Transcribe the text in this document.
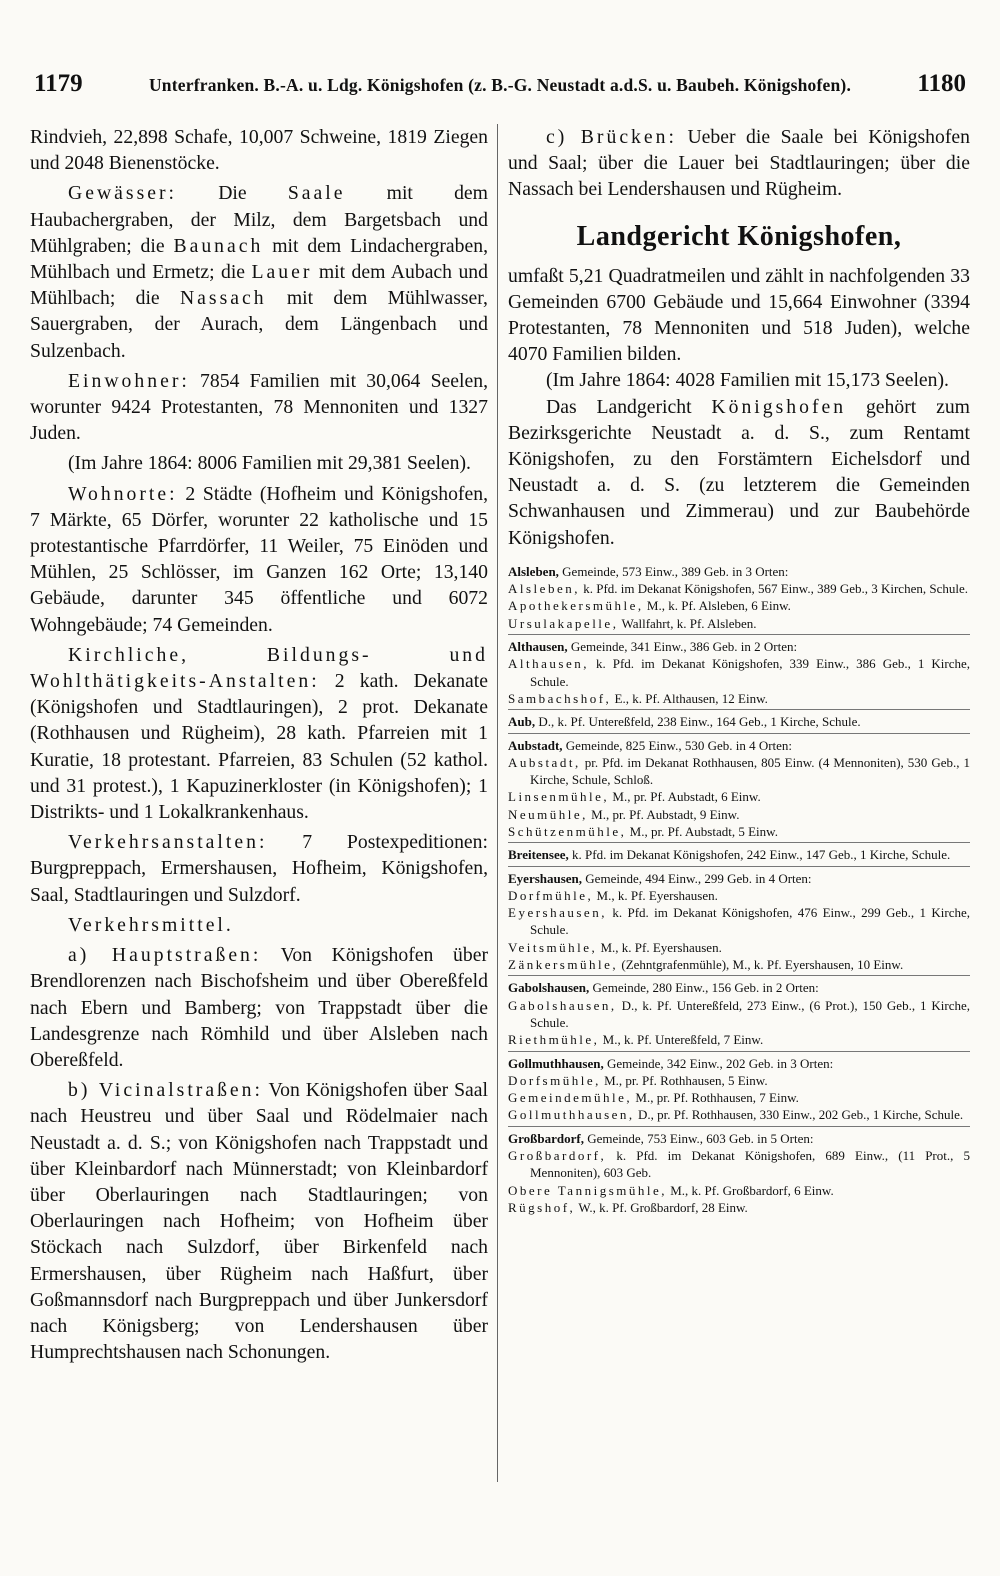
1179	Unterfranken. B.-A. u. Ldg. Königshofen (z. B.-G. Neustadt a.d.S. u. Baubeh. Königshofen).	1180

Rindvieh, 22,898 Schafe, 10,007 Schweine, 1819 Ziegen und 2048 Bienenstöcke.

Gewässer: Die Saale mit dem Haubachergraben, der Milz, dem Bargetsbach und Mühlgraben; die Baunach mit dem Lindachergraben, Mühlbach und Ermetz; die Lauer mit dem Aubach und Mühlbach; die Nassach mit dem Mühlwasser, Sauergraben, der Aurach, dem Längenbach und Sulzenbach.

Einwohner: 7854 Familien mit 30,064 Seelen, worunter 9424 Protestanten, 78 Mennoniten und 1327 Juden.

(Im Jahre 1864: 8006 Familien mit 29,381 Seelen).

Wohnorte: 2 Städte (Hofheim und Königshofen, 7 Märkte, 65 Dörfer, worunter 22 katholische und 15 protestantische Pfarrdörfer, 11 Weiler, 75 Einöden und Mühlen, 25 Schlösser, im Ganzen 162 Orte; 13,140 Gebäude, darunter 345 öffentliche und 6072 Wohngebäude; 74 Gemeinden.

Kirchliche, Bildungs- und Wohlthätigkeits-Anstalten: 2 kath. Dekanate (Königshofen und Stadtlauringen), 2 prot. Dekanate (Rothhausen und Rügheim), 28 kath. Pfarreien mit 1 Kuratie, 18 protestant. Pfarreien, 83 Schulen (52 kathol. und 31 protest.), 1 Kapuzinerkloster (in Königshofen); 1 Distrikts- und 1 Lokalkrankenhaus.

Verkehrsanstalten: 7 Postexpeditionen: Burgpreppach, Ermershausen, Hofheim, Königshofen, Saal, Stadtlauringen und Sulzdorf.

Verkehrsmittel.

a) Hauptstraßen: Von Königshofen über Brendlorenzen nach Bischofsheim und über Obereßfeld nach Ebern und Bamberg; von Trappstadt über die Landesgrenze nach Römhild und über Alsleben nach Obereßfeld.

b) Vicinalstraßen: Von Königshofen über Saal nach Heustreu und über Saal und Rödelmaier nach Neustadt a. d. S.; von Königshofen nach Trappstadt und über Kleinbardorf nach Münnerstadt; von Kleinbardorf über Oberlauringen nach Stadtlauringen; von Oberlauringen nach Hofheim; von Hofheim über Stöckach nach Sulzdorf, über Birkenfeld nach Ermershausen, über Rügheim nach Haßfurt, über Goßmannsdorf nach Burgpreppach und über Junkersdorf nach Königsberg; von Lendershausen über Humprechtshausen nach Schonungen.

c) Brücken: Ueber die Saale bei Königshofen und Saal; über die Lauer bei Stadtlauringen; über die Nassach bei Lendershausen und Rügheim.

Landgericht Königshofen,

umfaßt 5,21 Quadratmeilen und zählt in nachfolgenden 33 Gemeinden 6700 Gebäude und 15,664 Einwohner (3394 Protestanten, 78 Mennoniten und 518 Juden), welche 4070 Familien bilden.

(Im Jahre 1864: 4028 Familien mit 15,173 Seelen).

Das Landgericht Königshofen gehört zum Bezirksgerichte Neustadt a. d. S., zum Rentamt Königshofen, zu den Forstämtern Eichelsdorf und Neustadt a. d. S. (zu letzterem die Gemeinden Schwanhausen und Zimmerau) und zur Baubehörde Königshofen.

Alsleben, Gemeinde, 573 Einw., 389 Geb. in 3 Orten:

Alsleben, k. Pfd. im Dekanat Königshofen, 567 Einw., 389 Geb., 3 Kirchen, Schule.

Apothekersmühle, M., k. Pf. Alsleben, 6 Einw.

Ursulakapelle, Wallfahrt, k. Pf. Alsleben.

Althausen, Gemeinde, 341 Einw., 386 Geb. in 2 Orten:

Althausen, k. Pfd. im Dekanat Königshofen, 339 Einw., 386 Geb., 1 Kirche, Schule.

Sambachshof, E., k. Pf. Althausen, 12 Einw.

Aub, D., k. Pf. Untereßfeld, 238 Einw., 164 Geb., 1 Kirche, Schule.

Aubstadt, Gemeinde, 825 Einw., 530 Geb. in 4 Orten:

Aubstadt, pr. Pfd. im Dekanat Rothhausen, 805 Einw. (4 Mennoniten), 530 Geb., 1 Kirche, Schule, Schloß.

Linsenmühle, M., pr. Pf. Aubstadt, 6 Einw.

Neumühle, M., pr. Pf. Aubstadt, 9 Einw.

Schützenmühle, M., pr. Pf. Aubstadt, 5 Einw.

Breitensee, k. Pfd. im Dekanat Königshofen, 242 Einw., 147 Geb., 1 Kirche, Schule.

Eyershausen, Gemeinde, 494 Einw., 299 Geb. in 4 Orten:

Dorfmühle, M., k. Pf. Eyershausen.

Eyershausen, k. Pfd. im Dekanat Königshofen, 476 Einw., 299 Geb., 1 Kirche, Schule.

Veitsmühle, M., k. Pf. Eyershausen.

Zänkersmühle, (Zehntgrafenmühle), M., k. Pf. Eyershausen, 10 Einw.

Gabolshausen, Gemeinde, 280 Einw., 156 Geb. in 2 Orten:

Gabolshausen, D., k. Pf. Untereßfeld, 273 Einw., (6 Prot.), 150 Geb., 1 Kirche, Schule.

Riethmühle, M., k. Pf. Untereßfeld, 7 Einw.

Gollmuthhausen, Gemeinde, 342 Einw., 202 Geb. in 3 Orten:

Dorfsmühle, M., pr. Pf. Rothhausen, 5 Einw.

Gemeindemühle, M., pr. Pf. Rothhausen, 7 Einw.

Gollmuthhausen, D., pr. Pf. Rothhausen, 330 Einw., 202 Geb., 1 Kirche, Schule.

Großbardorf, Gemeinde, 753 Einw., 603 Geb. in 5 Orten:

Großbardorf, k. Pfd. im Dekanat Königshofen, 689 Einw., (11 Prot., 5 Mennoniten), 603 Geb.

Obere Tannigsmühle, M., k. Pf. Großbardorf, 6 Einw.

Rügshof, W., k. Pf. Großbardorf, 28 Einw.
